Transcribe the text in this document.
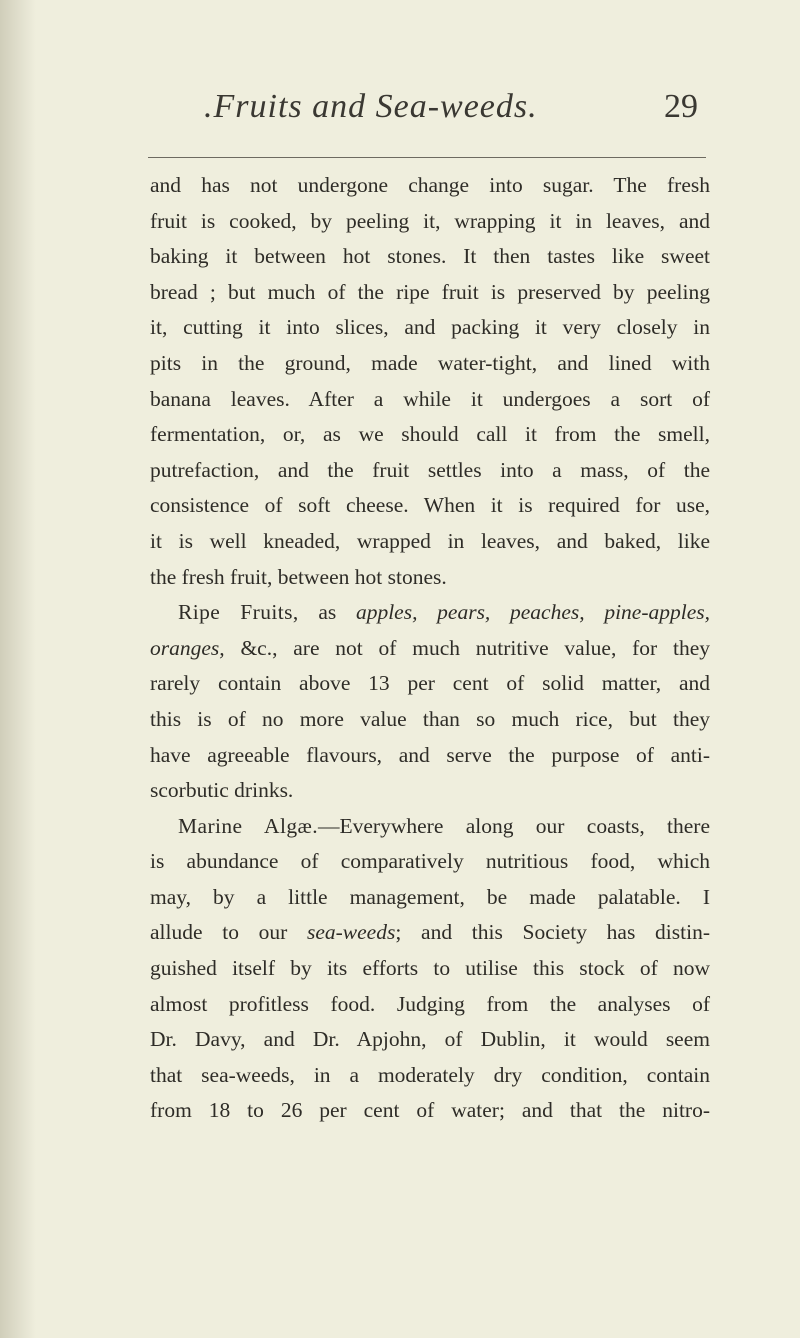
.Fruits and Sea-weeds.	29
and has not undergone change into sugar. The fresh
fruit is cooked, by peeling it, wrapping it in leaves, and
baking it between hot stones. It then tastes like sweet
bread ; but much of the ripe fruit is preserved by peeling
it, cutting it into slices, and packing it very closely in
pits in the ground, made water-tight, and lined with
banana leaves. After a while it undergoes a sort of
fermentation, or, as we should call it from the smell,
putrefaction, and the fruit settles into a mass, of the
consistence of soft cheese. When it is required for use,
it is well kneaded, wrapped in leaves, and baked, like
the fresh fruit, between hot stones.
Ripe Fruits, as apples, pears, peaches, pine-apples,
oranges, &c., are not of much nutritive value, for they
rarely contain above 13 per cent of solid matter, and
this is of no more value than so much rice, but they
have agreeable flavours, and serve the purpose of anti-
scorbutic drinks.
Marine Algæ.—Everywhere along our coasts, there
is abundance of comparatively nutritious food, which
may, by a little management, be made palatable. I
allude to our sea-weeds; and this Society has distin-
guished itself by its efforts to utilise this stock of now
almost profitless food. Judging from the analyses of
Dr. Davy, and Dr. Apjohn, of Dublin, it would seem
that sea-weeds, in a moderately dry condition, contain
from 18 to 26 per cent of water; and that the nitro-
